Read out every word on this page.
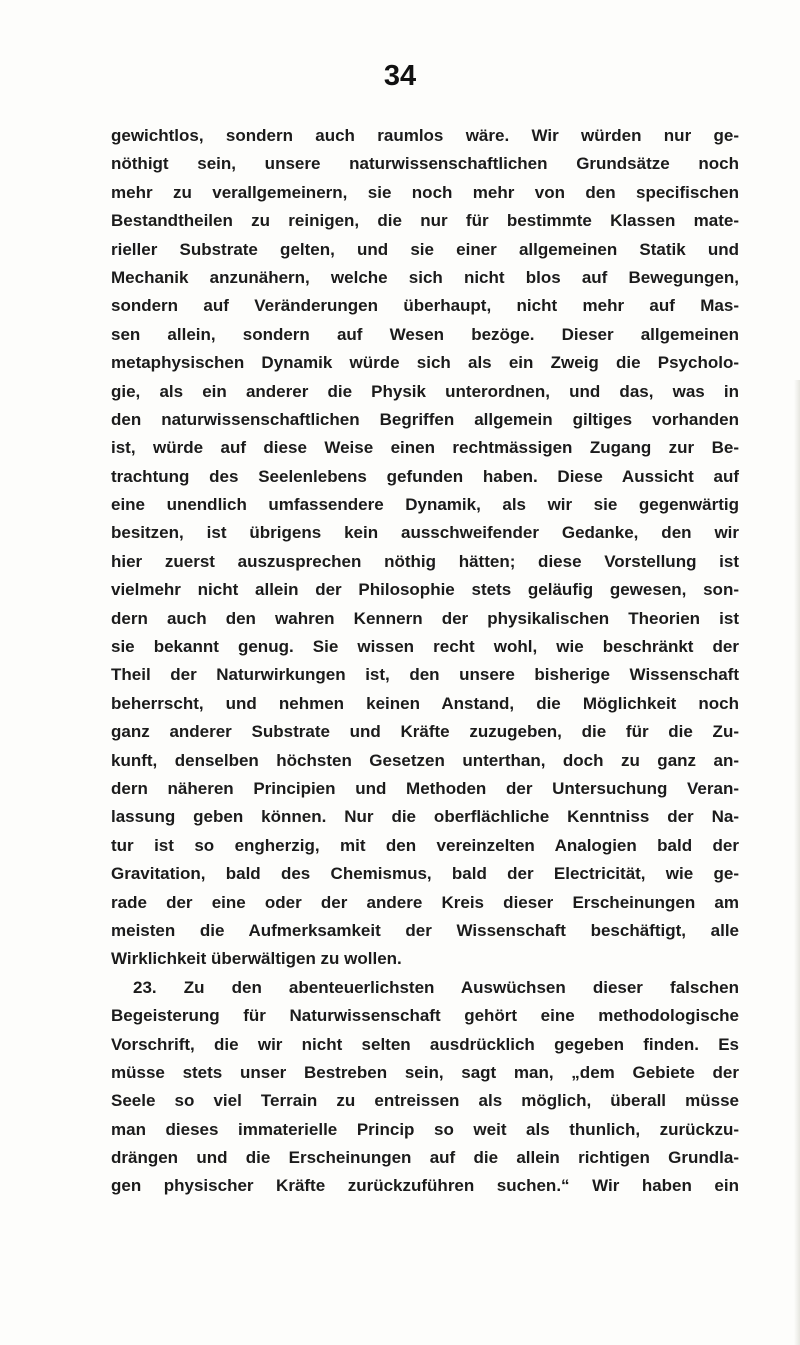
34
gewichtlos, sondern auch raumlos wäre. Wir würden nur ge-
nöthigt sein, unsere naturwissenschaftlichen Grundsätze noch
mehr zu verallgemeinern, sie noch mehr von den specifischen
Bestandtheilen zu reinigen, die nur für bestimmte Klassen mate-
rieller Substrate gelten, und sie einer allgemeinen Statik und
Mechanik anzunähern, welche sich nicht blos auf Bewegungen,
sondern auf Veränderungen überhaupt, nicht mehr auf Mas-
sen allein, sondern auf Wesen bezöge. Dieser allgemeinen
metaphysischen Dynamik würde sich als ein Zweig die Psycholo-
gie, als ein anderer die Physik unterordnen, und das, was in
den naturwissenschaftlichen Begriffen allgemein giltiges vorhanden
ist, würde auf diese Weise einen rechtmässigen Zugang zur Be-
trachtung des Seelenlebens gefunden haben. Diese Aussicht auf
eine unendlich umfassendere Dynamik, als wir sie gegenwärtig
besitzen, ist übrigens kein ausschweifender Gedanke, den wir
hier zuerst auszusprechen nöthig hätten; diese Vorstellung ist
vielmehr nicht allein der Philosophie stets geläufig gewesen, son-
dern auch den wahren Kennern der physikalischen Theorien ist
sie bekannt genug. Sie wissen recht wohl, wie beschränkt der
Theil der Naturwirkungen ist, den unsere bisherige Wissenschaft
beherrscht, und nehmen keinen Anstand, die Möglichkeit noch
ganz anderer Substrate und Kräfte zuzugeben, die für die Zu-
kunft, denselben höchsten Gesetzen unterthan, doch zu ganz an-
dern näheren Principien und Methoden der Untersuchung Veran-
lassung geben können. Nur die oberflächliche Kenntniss der Na-
tur ist so engherzig, mit den vereinzelten Analogien bald der
Gravitation, bald des Chemismus, bald der Electricität, wie ge-
rade der eine oder der andere Kreis dieser Erscheinungen am
meisten die Aufmerksamkeit der Wissenschaft beschäftigt, alle
Wirklichkeit überwältigen zu wollen.
23. Zu den abenteuerlichsten Auswüchsen dieser falschen
Begeisterung für Naturwissenschaft gehört eine methodologische
Vorschrift, die wir nicht selten ausdrücklich gegeben finden. Es
müsse stets unser Bestreben sein, sagt man, „dem Gebiete der
Seele so viel Terrain zu entreissen als möglich, überall müsse
man dieses immaterielle Princip so weit als thunlich, zurückzu-
drängen und die Erscheinungen auf die allein richtigen Grundla-
gen physischer Kräfte zurückzuführen suchen.“ Wir haben ein
